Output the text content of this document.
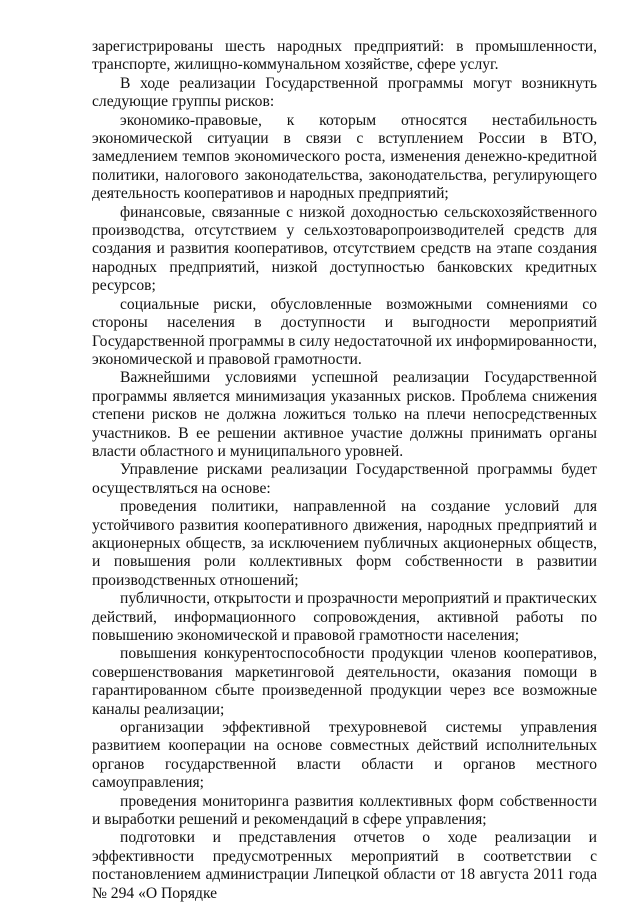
зарегистрированы шесть народных предприятий: в промышленности, транспорте, жилищно-коммунальном хозяйстве, сфере услуг.

В ходе реализации Государственной программы могут возникнуть следующие группы рисков:

экономико-правовые, к которым относятся нестабильность экономической ситуации в связи с вступлением России в ВТО, замедлением темпов экономического роста, изменения денежно-кредитной политики, налогового законодательства, законодательства, регулирующего деятельность кооперативов и народных предприятий;

финансовые, связанные с низкой доходностью сельскохозяйственного производства, отсутствием у сельхозтоваропроизводителей средств для создания и развития кооперативов, отсутствием средств на этапе создания народных предприятий, низкой доступностью банковских кредитных ресурсов;

социальные риски, обусловленные возможными сомнениями со стороны населения в доступности и выгодности мероприятий Государственной программы в силу недостаточной их информированности, экономической и правовой грамотности.

Важнейшими условиями успешной реализации Государственной программы является минимизация указанных рисков. Проблема снижения степени рисков не должна ложиться только на плечи непосредственных участников. В ее решении активное участие должны принимать органы власти областного и муниципального уровней.

Управление рисками реализации Государственной программы будет осуществляться на основе:

проведения политики, направленной на создание условий для устойчивого развития кооперативного движения, народных предприятий и акционерных обществ, за исключением публичных акционерных обществ, и повышения роли коллективных форм собственности в развитии производственных отношений;

публичности, открытости и прозрачности мероприятий и практических действий, информационного сопровождения, активной работы по повышению экономической и правовой грамотности населения;

повышения конкурентоспособности продукции членов кооперативов, совершенствования маркетинговой деятельности, оказания помощи в гарантированном сбыте произведенной продукции через все возможные каналы реализации;

организации эффективной трехуровневой системы управления развитием кооперации на основе совместных действий исполнительных органов государственной власти области и органов местного самоуправления;

проведения мониторинга развития коллективных форм собственности и выработки решений и рекомендаций в сфере управления;

подготовки и представления отчетов о ходе реализации и эффективности предусмотренных мероприятий в соответствии с постановлением администрации Липецкой области от 18 августа 2011 года № 294 «О Порядке
